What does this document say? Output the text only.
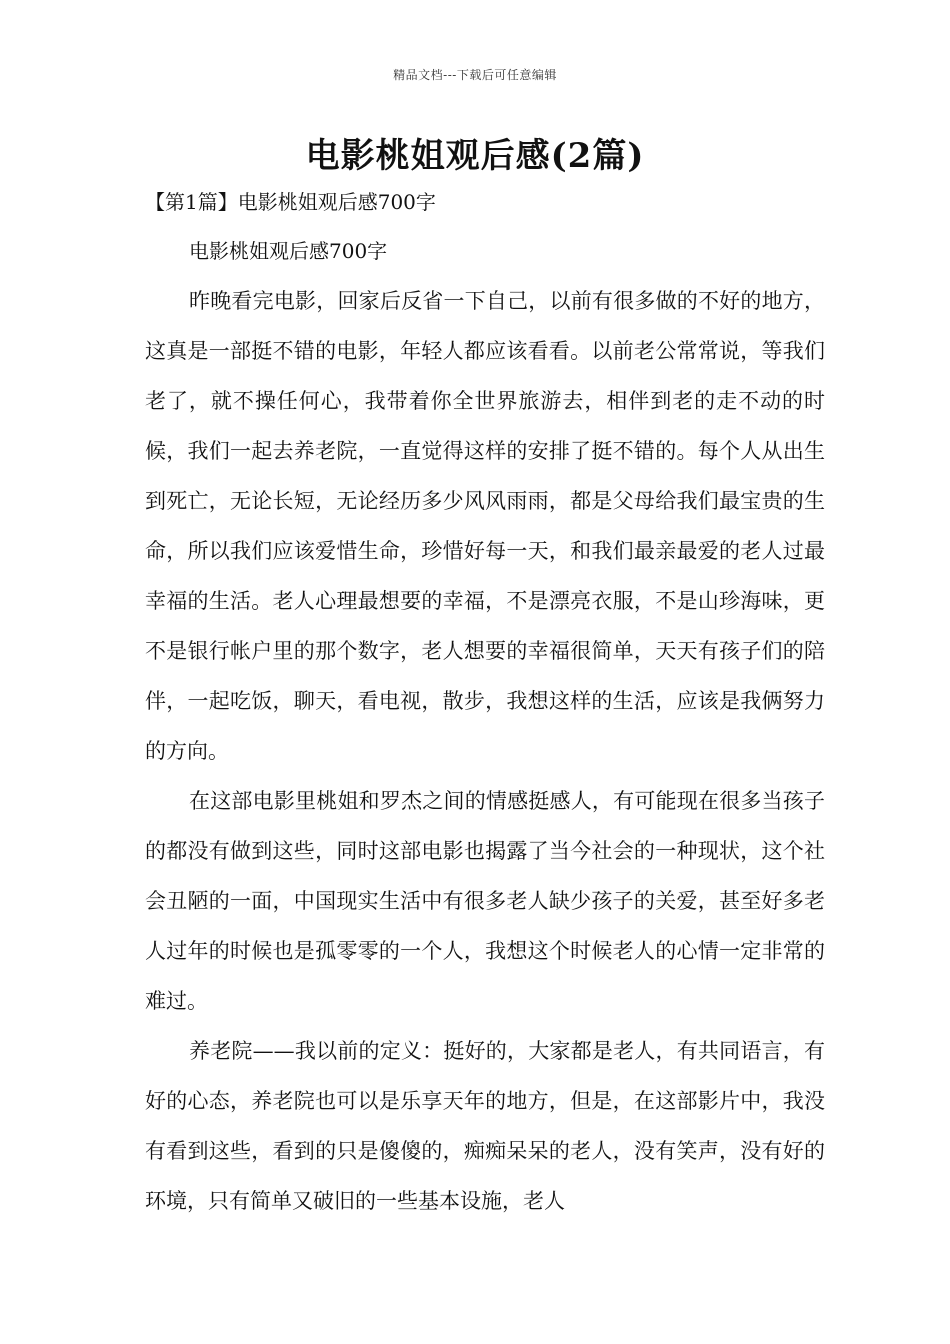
精品文档---下载后可任意编辑
电影桃姐观后感(2篇)
【第1篇】电影桃姐观后感700字

电影桃姐观后感700字

昨晚看完电影，回家后反省一下自己，以前有很多做的不好的地方，这真是一部挺不错的电影，年轻人都应该看看。以前老公常常说，等我们老了，就不操任何心，我带着你全世界旅游去，相伴到老的走不动的时候，我们一起去养老院，一直觉得这样的安排了挺不错的。每个人从出生到死亡，无论长短，无论经历多少风风雨雨，都是父母给我们最宝贵的生命，所以我们应该爱惜生命，珍惜好每一天，和我们最亲最爱的老人过最幸福的生活。老人心理最想要的幸福，不是漂亮衣服，不是山珍海味，更不是银行帐户里的那个数字，老人想要的幸福很简单，天天有孩子们的陪伴，一起吃饭，聊天，看电视，散步，我想这样的生活，应该是我俩努力的方向。

在这部电影里桃姐和罗杰之间的情感挺感人，有可能现在很多当孩子的都没有做到这些，同时这部电影也揭露了当今社会的一种现状，这个社会丑陋的一面，中国现实生活中有很多老人缺少孩子的关爱，甚至好多老人过年的时候也是孤零零的一个人，我想这个时候老人的心情一定非常的难过。

养老院——我以前的定义：挺好的，大家都是老人，有共同语言，有好的心态，养老院也可以是乐享天年的地方，但是，在这部影片中，我没有看到这些，看到的只是傻傻的，痴痴呆呆的老人，没有笑声，没有好的环境，只有简单又破旧的一些基本设施，老人
